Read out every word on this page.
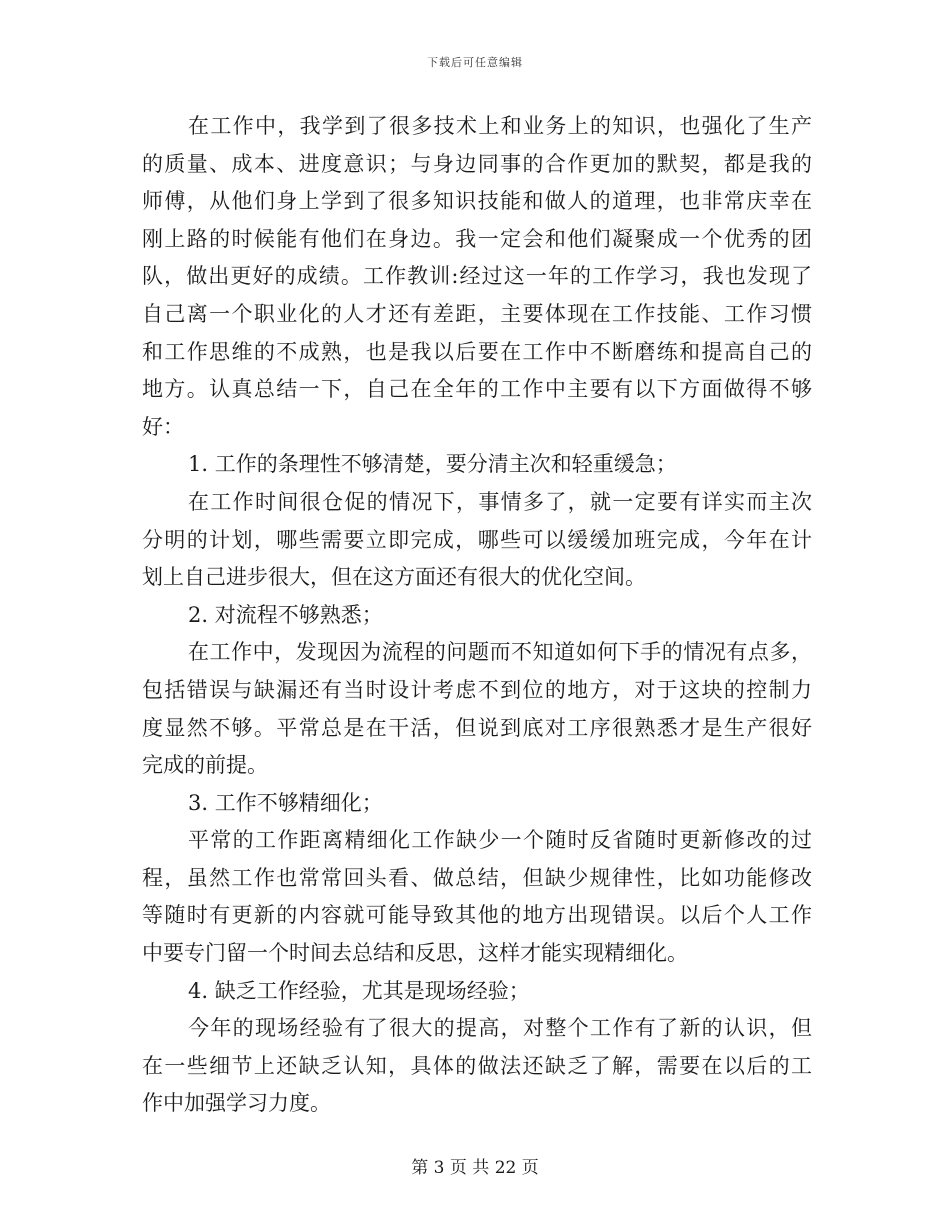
下载后可任意编辑
在工作中，我学到了很多技术上和业务上的知识，也强化了生产
的质量、成本、进度意识；与身边同事的合作更加的默契，都是我的
师傅，从他们身上学到了很多知识技能和做人的道理，也非常庆幸在
刚上路的时候能有他们在身边。我一定会和他们凝聚成一个优秀的团
队，做出更好的成绩。工作教训:经过这一年的工作学习，我也发现了
自己离一个职业化的人才还有差距，主要体现在工作技能、工作习惯
和工作思维的不成熟，也是我以后要在工作中不断磨练和提高自己的
地方。认真总结一下，自己在全年的工作中主要有以下方面做得不够
好：
1. 工作的条理性不够清楚，要分清主次和轻重缓急；
在工作时间很仓促的情况下，事情多了，就一定要有详实而主次
分明的计划，哪些需要立即完成，哪些可以缓缓加班完成，今年在计
划上自己进步很大，但在这方面还有很大的优化空间。
2. 对流程不够熟悉；
在工作中，发现因为流程的问题而不知道如何下手的情况有点多，
包括错误与缺漏还有当时设计考虑不到位的地方，对于这块的控制力
度显然不够。平常总是在干活，但说到底对工序很熟悉才是生产很好
完成的前提。
3. 工作不够精细化；
平常的工作距离精细化工作缺少一个随时反省随时更新修改的过
程，虽然工作也常常回头看、做总结，但缺少规律性，比如功能修改
等随时有更新的内容就可能导致其他的地方出现错误。以后个人工作
中要专门留一个时间去总结和反思，这样才能实现精细化。
4. 缺乏工作经验，尤其是现场经验；
今年的现场经验有了很大的提高，对整个工作有了新的认识，但
在一些细节上还缺乏认知，具体的做法还缺乏了解，需要在以后的工
作中加强学习力度。
第 3 页 共 22 页
